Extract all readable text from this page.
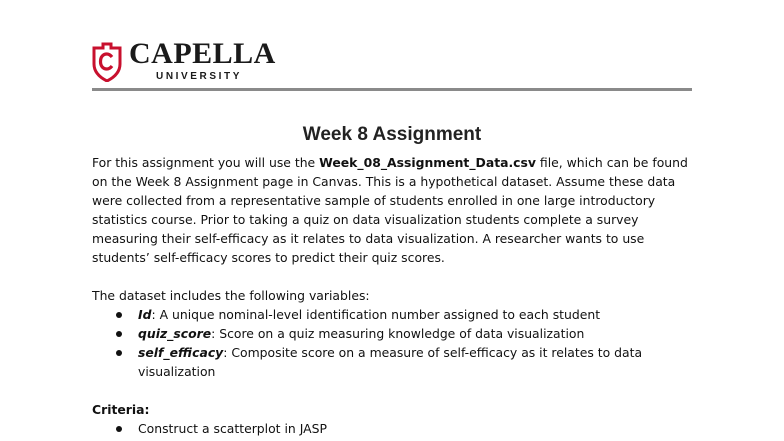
CAPELLA
UNIVERSITY
Week 8 Assignment

For this assignment you will use the Week_08_Assignment_Data.csv file, which can be found on the Week 8 Assignment page in Canvas. This is a hypothetical dataset. Assume these data were collected from a representative sample of students enrolled in one large introductory statistics course. Prior to taking a quiz on data visualization students complete a survey measuring their self-efficacy as it relates to data visualization. A researcher wants to use students’ self-efficacy scores to predict their quiz scores.

The dataset includes the following variables:

Id: A unique nominal-level identification number assigned to each student
quiz_score: Score on a quiz measuring knowledge of data visualization
self_efficacy: Composite score on a measure of self-efficacy as it relates to data visualization

Criteria:

Construct a scatterplot in JASP
